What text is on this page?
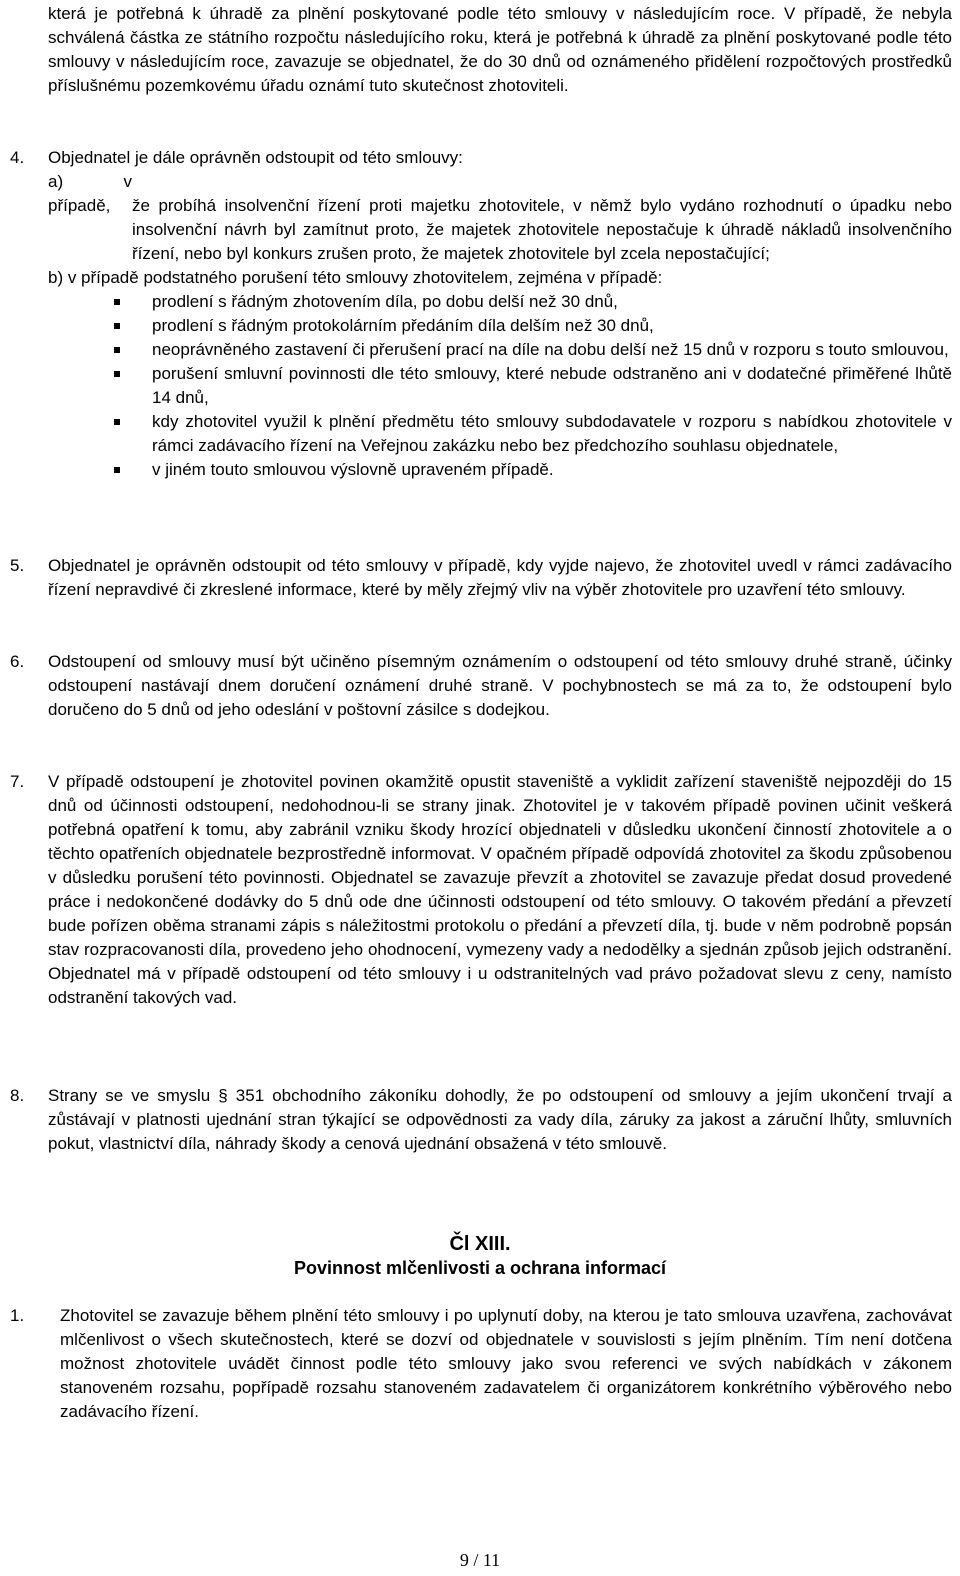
která je potřebná k úhradě za plnění poskytované podle této smlouvy v následujícím roce. V případě, že nebyla schválená částka ze státního rozpočtu následujícího roku, která je potřebná k úhradě za plnění poskytované podle této smlouvy v následujícím roce, zavazuje se objednatel, že do 30 dnů od oznámeného přidělení rozpočtových prostředků příslušnému pozemkovému úřadu oznámí tuto skutečnost zhotoviteli.
4. Objednatel je dále oprávněn odstoupit od této smlouvy:
a) v případě, že probíhá insolvenční řízení proti majetku zhotovitele, v němž bylo vydáno rozhodnutí o úpadku nebo insolvenční návrh byl zamítnut proto, že majetek zhotovitele nepostačuje k úhradě nákladů insolvenčního řízení, nebo byl konkurs zrušen proto, že majetek zhotovitele byl zcela nepostačující;
b) v případě podstatného porušení této smlouvy zhotovitelem, zejména v případě:
prodlení s řádným zhotovením díla, po dobu delší než 30 dnů,
prodlení s řádným protokolárním předáním díla delším než 30 dnů,
neoprávněného zastavení či přerušení prací na díle na dobu delší než 15 dnů v rozporu s touto smlouvou,
porušení smluvní povinnosti dle této smlouvy, které nebude odstraněno ani v dodatečné přiměřené lhůtě 14 dnů,
kdy zhotovitel využil k plnění předmětu této smlouvy subdodavatele v rozporu s nabídkou zhotovitele v rámci zadávacího řízení na Veřejnou zakázku nebo bez předchozího souhlasu objednatele,
v jiném touto smlouvou výslovně upraveném případě.
5. Objednatel je oprávněn odstoupit od této smlouvy v případě, kdy vyjde najevo, že zhotovitel uvedl v rámci zadávacího řízení nepravdivé či zkreslené informace, které by měly zřejmý vliv na výběr zhotovitele pro uzavření této smlouvy.
6. Odstoupení od smlouvy musí být učiněno písemným oznámením o odstoupení od této smlouvy druhé straně, účinky odstoupení nastávají dnem doručení oznámení druhé straně. V pochybnostech se má za to, že odstoupení bylo doručeno do 5 dnů od jeho odeslání v poštovní zásilce s dodejkou.
7. V případě odstoupení je zhotovitel povinen okamžitě opustit staveniště a vyklidit zařízení staveniště nejpozději do 15 dnů od účinnosti odstoupení, nedohodnou-li se strany jinak. Zhotovitel je v takovém případě povinen učinit veškerá potřebná opatření k tomu, aby zabránil vzniku škody hrozící objednateli v důsledku ukončení činností zhotovitele a o těchto opatřeních objednatele bezprostředně informovat. V opačném případě odpovídá zhotovitel za škodu způsobenou v důsledku porušení této povinnosti. Objednatel se zavazuje převzít a zhotovitel se zavazuje předat dosud provedené práce i nedokončené dodávky do 5 dnů ode dne účinnosti odstoupení od této smlouvy. O takovém předání a převzetí bude pořízen oběma stranami zápis s náležitostmi protokolu o předání a převzetí díla, tj. bude v něm podrobně popsán stav rozpracovanosti díla, provedeno jeho ohodnocení, vymezeny vady a nedodělky a sjednán způsob jejich odstranění. Objednatel má v případě odstoupení od této smlouvy i u odstranitelných vad právo požadovat slevu z ceny, namísto odstranění takových vad.
8. Strany se ve smyslu § 351 obchodního zákoníku dohodly, že po odstoupení od smlouvy a jejím ukončení trvají a zůstávají v platnosti ujednání stran týkající se odpovědnosti za vady díla, záruky za jakost a záruční lhůty, smluvních pokut, vlastnictví díla, náhrady škody a cenová ujednání obsažená v této smlouvě.
Čl XIII.
Povinnost mlčenlivosti a ochrana informací
1. Zhotovitel se zavazuje během plnění této smlouvy i po uplynutí doby, na kterou je tato smlouva uzavřena, zachovávat mlčenlivost o všech skutečnostech, které se dozví od objednatele v souvislosti s jejím plněním. Tím není dotčena možnost zhotovitele uvádět činnost podle této smlouvy jako svou referenci ve svých nabídkách v zákonem stanoveném rozsahu, popřípadě rozsahu stanoveném zadavatelem či organizátorem konkrétního výběrového nebo zadávacího řízení.
9 / 11
